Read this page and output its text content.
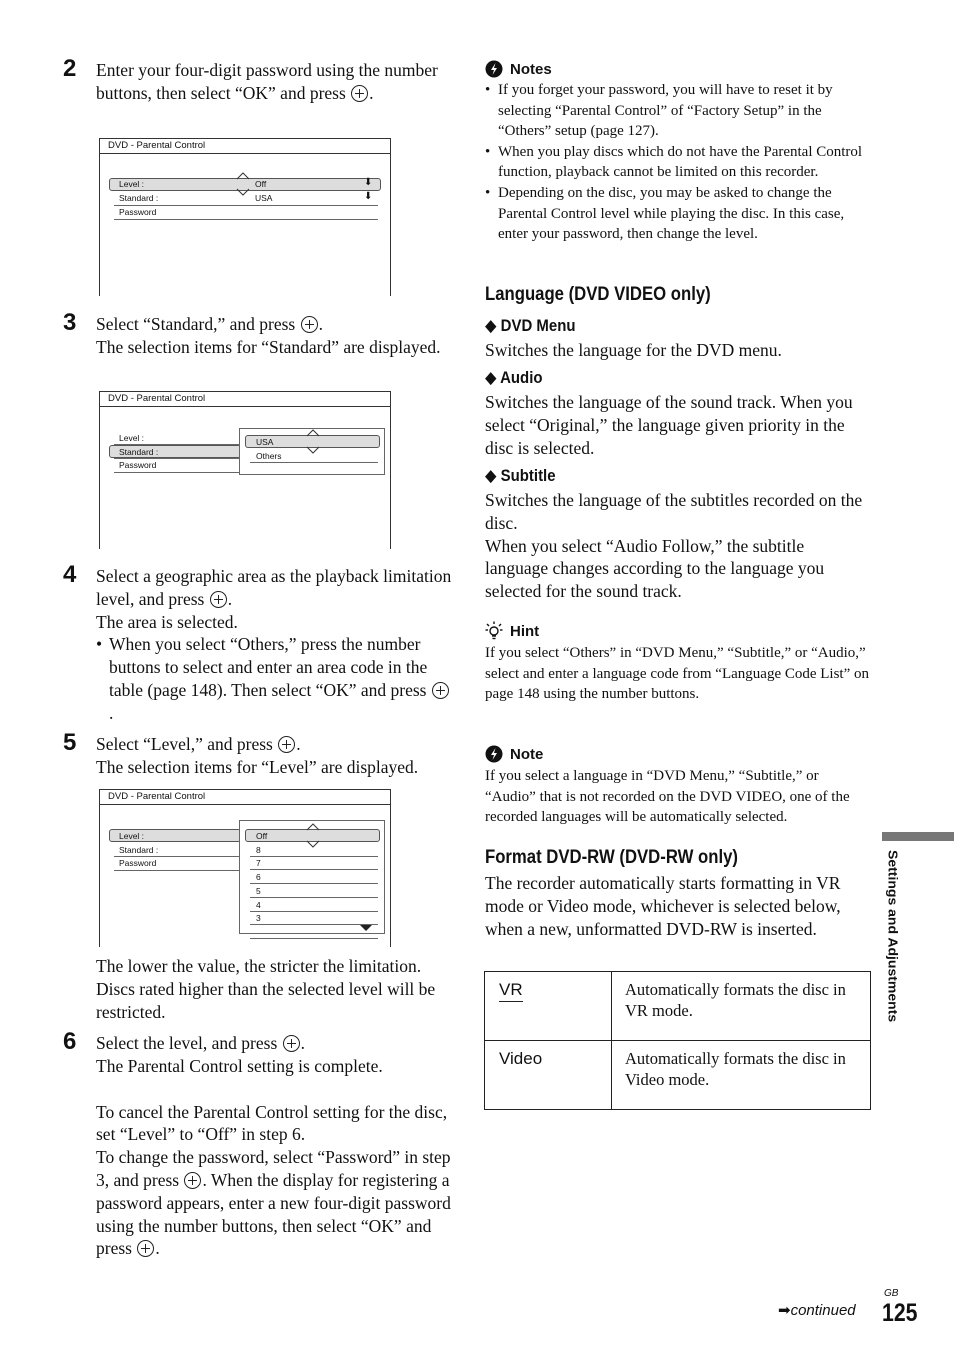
2 Enter your four-digit password using the number buttons, then select “OK” and press .
DVD - Parental Control
Level :	Off	⬇
Standard :	USA	⬇
Password
3 Select “Standard,” and press .
The selection items for “Standard” are displayed.
DVD - Parental Control
Level :
Standard :
Password
USA
Others
4 Select a geographic area as the playback limitation level, and press .
The area is selected.
• When you select “Others,” press the number buttons to select and enter an area code in the table (page 148). Then select “OK” and press .
5 Select “Level,” and press .
The selection items for “Level” are displayed.
DVD - Parental Control
Level :
Standard :
Password
Off
8
7
6
5
4
3
The lower the value, the stricter the limitation. Discs rated higher than the selected level will be restricted.
6 Select the level, and press .
The Parental Control setting is complete.
To cancel the Parental Control setting for the disc, set “Level” to “Off” in step 6.
To change the password, select “Password” in step 3, and press . When the display for registering a password appears, enter a new four-digit password using the number buttons, then select “OK” and press .
Notes
• If you forget your password, you will have to reset it by selecting “Parental Control” of “Factory Setup” in the “Others” setup (page 127).
• When you play discs which do not have the Parental Control function, playback cannot be limited on this recorder.
• Depending on the disc, you may be asked to change the Parental Control level while playing the disc. In this case, enter your password, then change the level.
Language (DVD VIDEO only)
◆ DVD Menu
Switches the language for the DVD menu.
◆ Audio
Switches the language of the sound track. When you select “Original,” the language given priority in the disc is selected.
◆ Subtitle
Switches the language of the subtitles recorded on the disc.
When you select “Audio Follow,” the subtitle language changes according to the language you selected for the sound track.
Hint
If you select “Others” in “DVD Menu,” “Subtitle,” or “Audio,” select and enter a language code from “Language Code List” on page 148 using the number buttons.
Note
If you select a language in “DVD Menu,” “Subtitle,” or “Audio” that is not recorded on the DVD VIDEO, one of the recorded languages will be automatically selected.
Format DVD-RW (DVD-RW only)
The recorder automatically starts formatting in VR mode or Video mode, whichever is selected below, when a new, unformatted DVD-RW is inserted.
VR	Automatically formats the disc in VR mode.
Video	Automatically formats the disc in Video mode.
Settings and Adjustments
➡continued
GB
125
